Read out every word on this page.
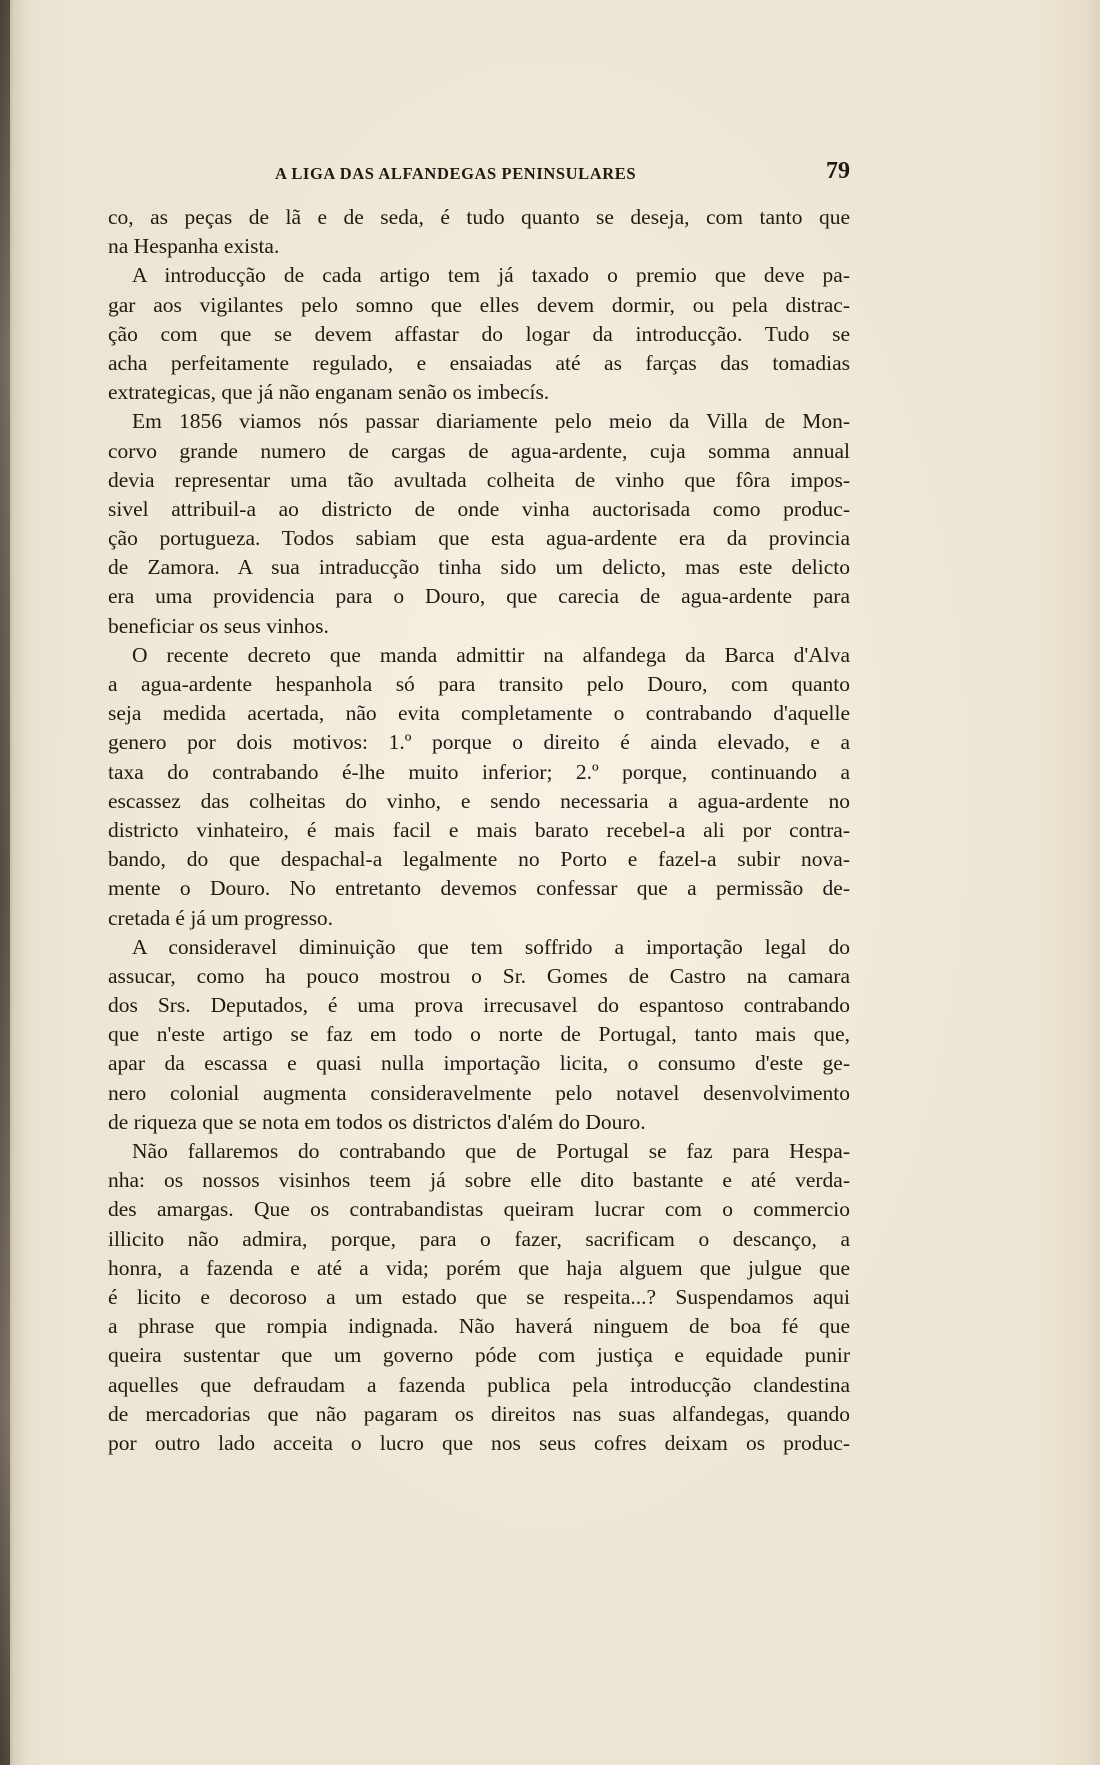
A LIGA DAS ALFANDEGAS PENINSULARES	79
co, as peças de lã e de seda, é tudo quanto se deseja, com tanto que
na Hespanha exista.
A introducção de cada artigo tem já taxado o premio que deve pa-
gar aos vigilantes pelo somno que elles devem dormir, ou pela distrac-
ção com que se devem affastar do logar da introducção. Tudo se
acha perfeitamente regulado, e ensaiadas até as farças das tomadias
extrategicas, que já não enganam senão os imbecís.
Em 1856 viamos nós passar diariamente pelo meio da Villa de Mon-
corvo grande numero de cargas de agua-ardente, cuja somma annual
devia representar uma tão avultada colheita de vinho que fôra impos-
sivel attribuil-a ao districto de onde vinha auctorisada como produc-
ção portugueza. Todos sabiam que esta agua-ardente era da provincia
de Zamora. A sua intraducção tinha sido um delicto, mas este delicto
era uma providencia para o Douro, que carecia de agua-ardente para
beneficiar os seus vinhos.
O recente decreto que manda admittir na alfandega da Barca d'Alva
a agua-ardente hespanhola só para transito pelo Douro, com quanto
seja medida acertada, não evita completamente o contrabando d'aquelle
genero por dois motivos: 1.º porque o direito é ainda elevado, e a
taxa do contrabando é-lhe muito inferior; 2.º porque, continuando a
escassez das colheitas do vinho, e sendo necessaria a agua-ardente no
districto vinhateiro, é mais facil e mais barato recebel-a ali por contra-
bando, do que despachal-a legalmente no Porto e fazel-a subir nova-
mente o Douro. No entretanto devemos confessar que a permissão de-
cretada é já um progresso.
A consideravel diminuição que tem soffrido a importação legal do
assucar, como ha pouco mostrou o Sr. Gomes de Castro na camara
dos Srs. Deputados, é uma prova irrecusavel do espantoso contrabando
que n'este artigo se faz em todo o norte de Portugal, tanto mais que,
apar da escassa e quasi nulla importação licita, o consumo d'este ge-
nero colonial augmenta consideravelmente pelo notavel desenvolvimento
de riqueza que se nota em todos os districtos d'além do Douro.
Não fallaremos do contrabando que de Portugal se faz para Hespa-
nha: os nossos visinhos teem já sobre elle dito bastante e até verda-
des amargas. Que os contrabandistas queiram lucrar com o commercio
illicito não admira, porque, para o fazer, sacrificam o descanço, a
honra, a fazenda e até a vida; porém que haja alguem que julgue que
é licito e decoroso a um estado que se respeita...? Suspendamos aqui
a phrase que rompia indignada. Não haverá ninguem de boa fé que
queira sustentar que um governo póde com justiça e equidade punir
aquelles que defraudam a fazenda publica pela introducção clandestina
de mercadorias que não pagaram os direitos nas suas alfandegas, quando
por outro lado acceita o lucro que nos seus cofres deixam os produc-
